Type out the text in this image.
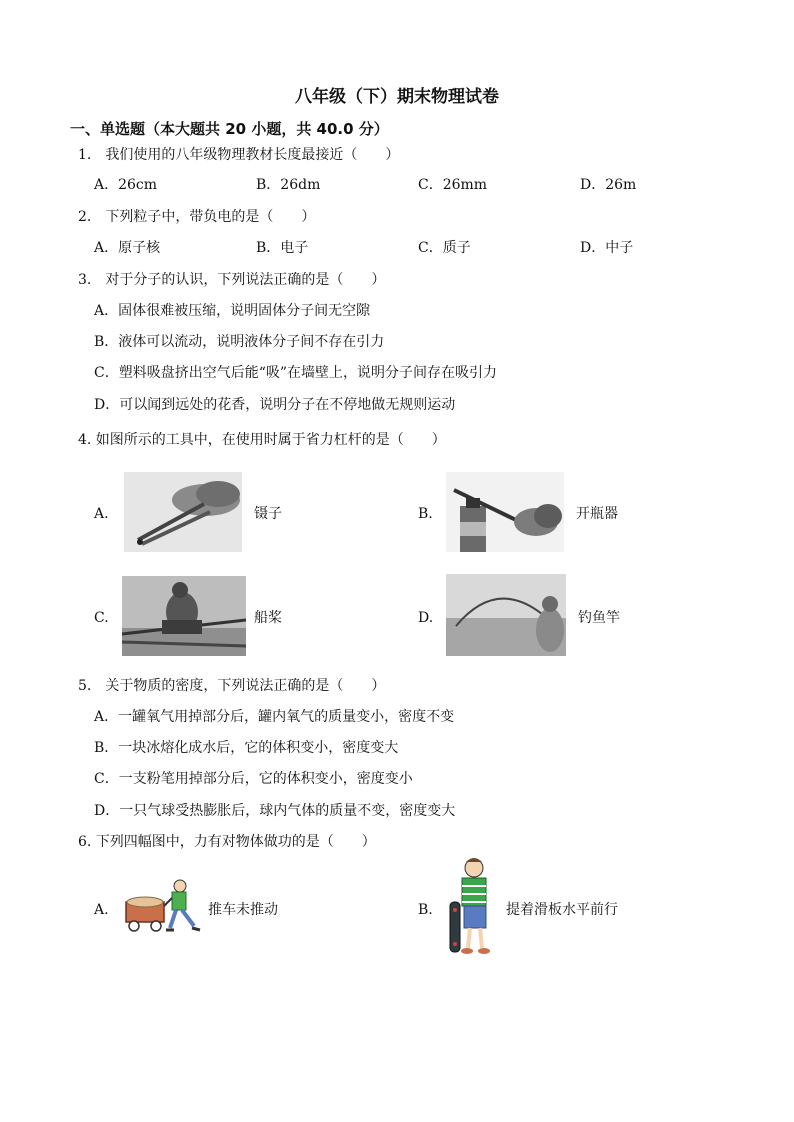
八年级（下）期末物理试卷
一、单选题（本大题共 20 小题，共 40.0 分）
1.　我们使用的八年级物理教材长度最接近（　　）
A．26cm	B．26dm	C．26mm	D．26m
2.　下列粒子中，带负电的是（　　）
A．原子核	B．电子	C．质子	D．中子
3.　对于分子的认识，下列说法正确的是（　　）
A．固体很难被压缩，说明固体分子间无空隙
B．液体可以流动，说明液体分子间不存在引力
C．塑料吸盘挤出空气后能“吸”在墙壁上，说明分子间存在吸引力
D．可以闻到远处的花香，说明分子在不停地做无规则运动
4. 如图所示的工具中，在使用时属于省力杠杆的是（　　）
A.	镊子	B.	开瓶器
C.	船桨	D.	钓鱼竿
5.　关于物质的密度，下列说法正确的是（　　）
A．一罐氧气用掉部分后，罐内氧气的质量变小，密度不变
B．一块冰熔化成水后，它的体积变小，密度变大
C．一支粉笔用掉部分后，它的体积变小，密度变小
D．一只气球受热膨胀后，球内气体的质量不变，密度变大
6. 下列四幅图中，力有对物体做功的是（　　）
A.	推车未推动	B.	提着滑板水平前行
